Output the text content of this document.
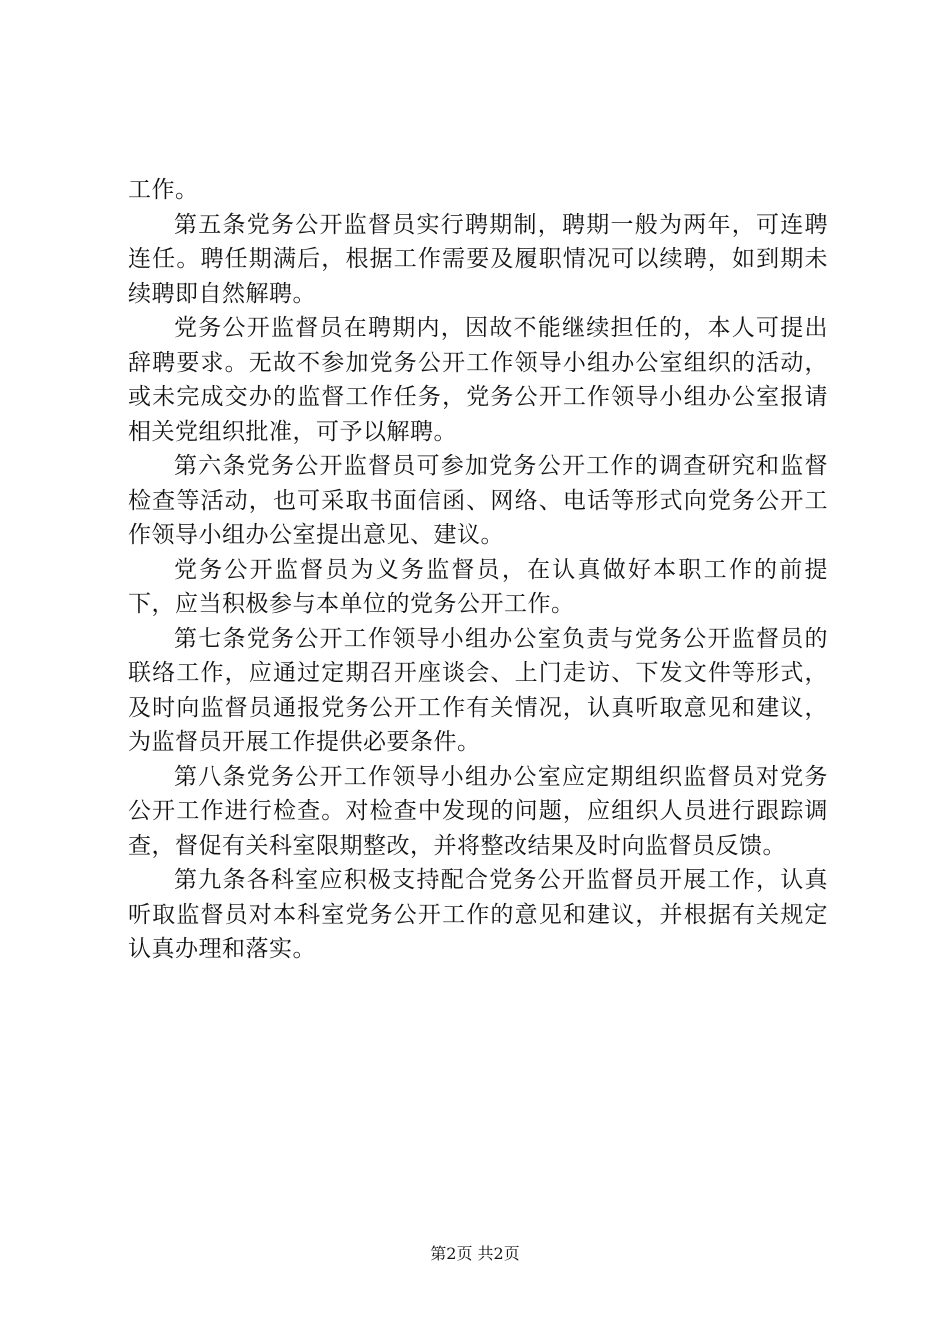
工作。

第五条党务公开监督员实行聘期制，聘期一般为两年，可连聘连任。聘任期满后，根据工作需要及履职情况可以续聘，如到期未续聘即自然解聘。

党务公开监督员在聘期内，因故不能继续担任的，本人可提出辞聘要求。无故不参加党务公开工作领导小组办公室组织的活动，或未完成交办的监督工作任务，党务公开工作领导小组办公室报请相关党组织批准，可予以解聘。

第六条党务公开监督员可参加党务公开工作的调查研究和监督检查等活动，也可采取书面信函、网络、电话等形式向党务公开工作领导小组办公室提出意见、建议。

党务公开监督员为义务监督员，在认真做好本职工作的前提下，应当积极参与本单位的党务公开工作。

第七条党务公开工作领导小组办公室负责与党务公开监督员的联络工作，应通过定期召开座谈会、上门走访、下发文件等形式，及时向监督员通报党务公开工作有关情况，认真听取意见和建议，为监督员开展工作提供必要条件。

第八条党务公开工作领导小组办公室应定期组织监督员对党务公开工作进行检查。对检查中发现的问题，应组织人员进行跟踪调查，督促有关科室限期整改，并将整改结果及时向监督员反馈。

第九条各科室应积极支持配合党务公开监督员开展工作，认真听取监督员对本科室党务公开工作的意见和建议，并根据有关规定认真办理和落实。

第2页 共2页
